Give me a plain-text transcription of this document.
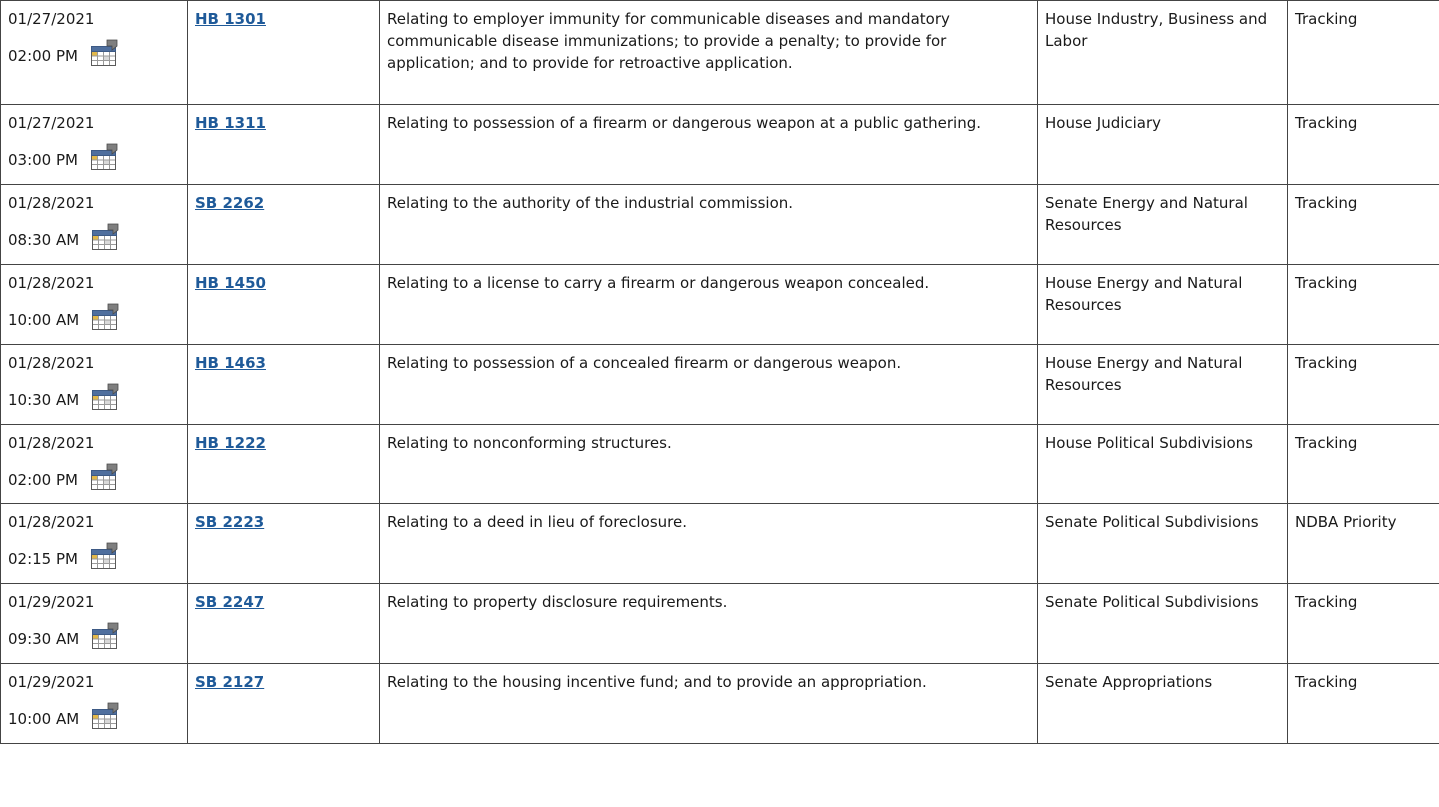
01/27/2021
02:00 PM	HB 1301	Relating to employer immunity for communicable diseases and mandatory communicable disease immunizations; to provide a penalty; to provide for application; and to provide for retroactive application.	House Industry, Business and Labor	Tracking

01/27/2021
03:00 PM	HB 1311	Relating to possession of a firearm or dangerous weapon at a public gathering.	House Judiciary	Tracking

01/28/2021
08:30 AM	SB 2262	Relating to the authority of the industrial commission.	Senate Energy and Natural Resources	Tracking

01/28/2021
10:00 AM	HB 1450	Relating to a license to carry a firearm or dangerous weapon concealed.	House Energy and Natural Resources	Tracking

01/28/2021
10:30 AM	HB 1463	Relating to possession of a concealed firearm or dangerous weapon.	House Energy and Natural Resources	Tracking

01/28/2021
02:00 PM	HB 1222	Relating to nonconforming structures.	House Political Subdivisions	Tracking

01/28/2021
02:15 PM	SB 2223	Relating to a deed in lieu of foreclosure.	Senate Political Subdivisions	NDBA Priority

01/29/2021
09:30 AM	SB 2247	Relating to property disclosure requirements.	Senate Political Subdivisions	Tracking

01/29/2021
10:00 AM	SB 2127	Relating to the housing incentive fund; and to provide an appropriation.	Senate Appropriations	Tracking
